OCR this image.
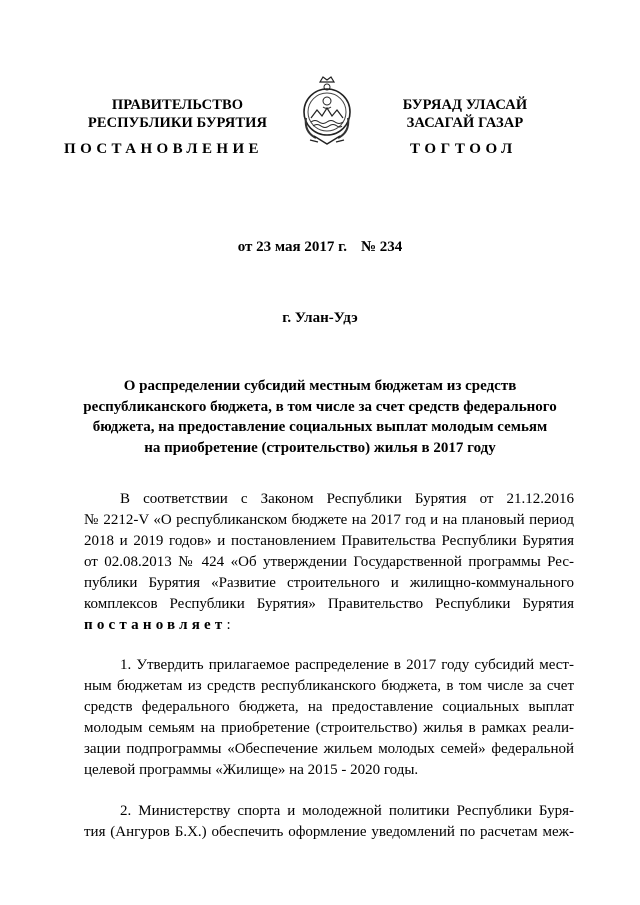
ПРАВИТЕЛЬСТВО
РЕСПУБЛИКИ БУРЯТИЯ
БУРЯАД УЛАСАЙ
ЗАСАГАЙ ГАЗАР
ПОСТАНОВЛЕНИЕ	ТОГТООЛ
от 23 мая 2017 г. № 234
г. Улан-Удэ
О распределении субсидий местным бюджетам из средств
республиканского бюджета, в том числе за счет средств федерального
бюджета, на предоставление социальных выплат молодым семьям
на приобретение (строительство) жилья в 2017 году
В соответствии с Законом Республики Бурятия от 21.12.2016
№ 2212-V «О республиканском бюджете на 2017 год и на плановый период
2018 и 2019 годов» и постановлением Правительства Республики Бурятия
от 02.08.2013 № 424 «Об утверждении Государственной программы Рес-
публики Бурятия «Развитие строительного и жилищно-коммунального
комплексов Республики Бурятия» Правительство Республики Бурятия
постановляет:
1. Утвердить прилагаемое распределение в 2017 году субсидий мест-
ным бюджетам из средств республиканского бюджета, в том числе за счет
средств федерального бюджета, на предоставление социальных выплат
молодым семьям на приобретение (строительство) жилья в рамках реали-
зации подпрограммы «Обеспечение жильем молодых семей» федеральной
целевой программы «Жилище» на 2015 - 2020 годы.
2. Министерству спорта и молодежной политики Республики Буря-
тия (Ангуров Б.Х.) обеспечить оформление уведомлений по расчетам меж-
